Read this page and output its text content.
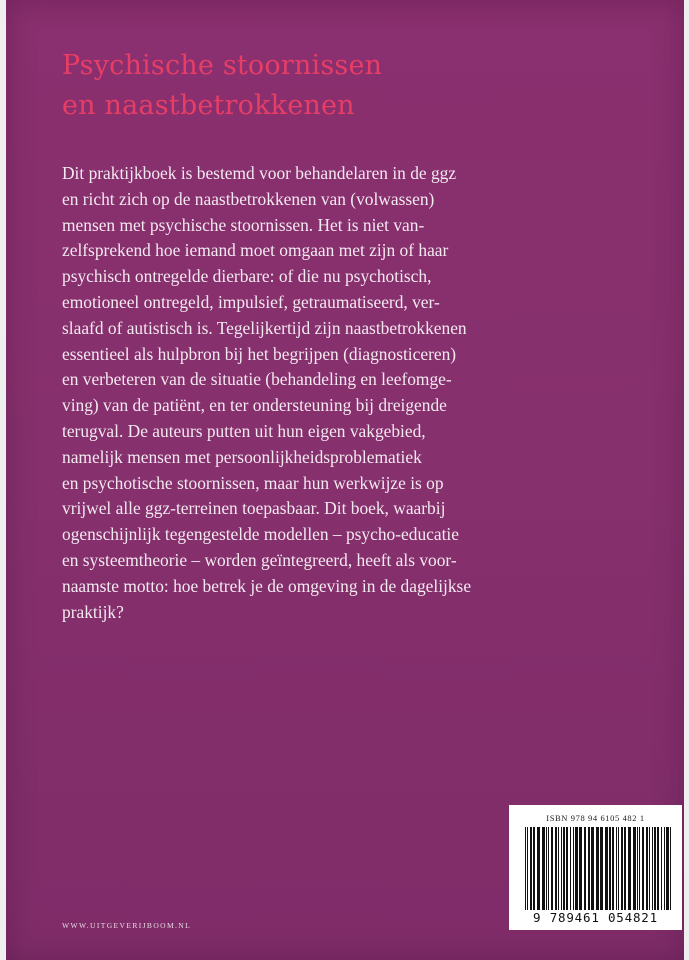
Psychische stoornissen
en naastbetrokkenen
Dit praktijkboek is bestemd voor behandelaren in de ggz
en richt zich op de naastbetrokkenen van (volwassen)
mensen met psychische stoornissen. Het is niet van-
zelfsprekend hoe iemand moet omgaan met zijn of haar
psychisch ontregelde dierbare: of die nu psychotisch,
emotioneel ontregeld, impulsief, getraumatiseerd, ver-
slaafd of autistisch is. Tegelijkertijd zijn naastbetrokkenen
essentieel als hulpbron bij het begrijpen (diagnosticeren)
en verbeteren van de situatie (behandeling en leefomge-
ving) van de patiënt, en ter ondersteuning bij dreigende
terugval. De auteurs putten uit hun eigen vakgebied,
namelijk mensen met persoonlijkheidsproblematiek
en psychotische stoornissen, maar hun werkwijze is op
vrijwel alle ggz-terreinen toepasbaar. Dit boek, waarbij
ogenschijnlijk tegengestelde modellen – psycho-educatie
en systeemtheorie – worden geïntegreerd, heeft als voor-
naamste motto: hoe betrek je de omgeving in de dagelijkse
praktijk?
WWW.UITGEVERIJBOOM.NL
ISBN 978 94 6105 482 1
9 789461 054821
